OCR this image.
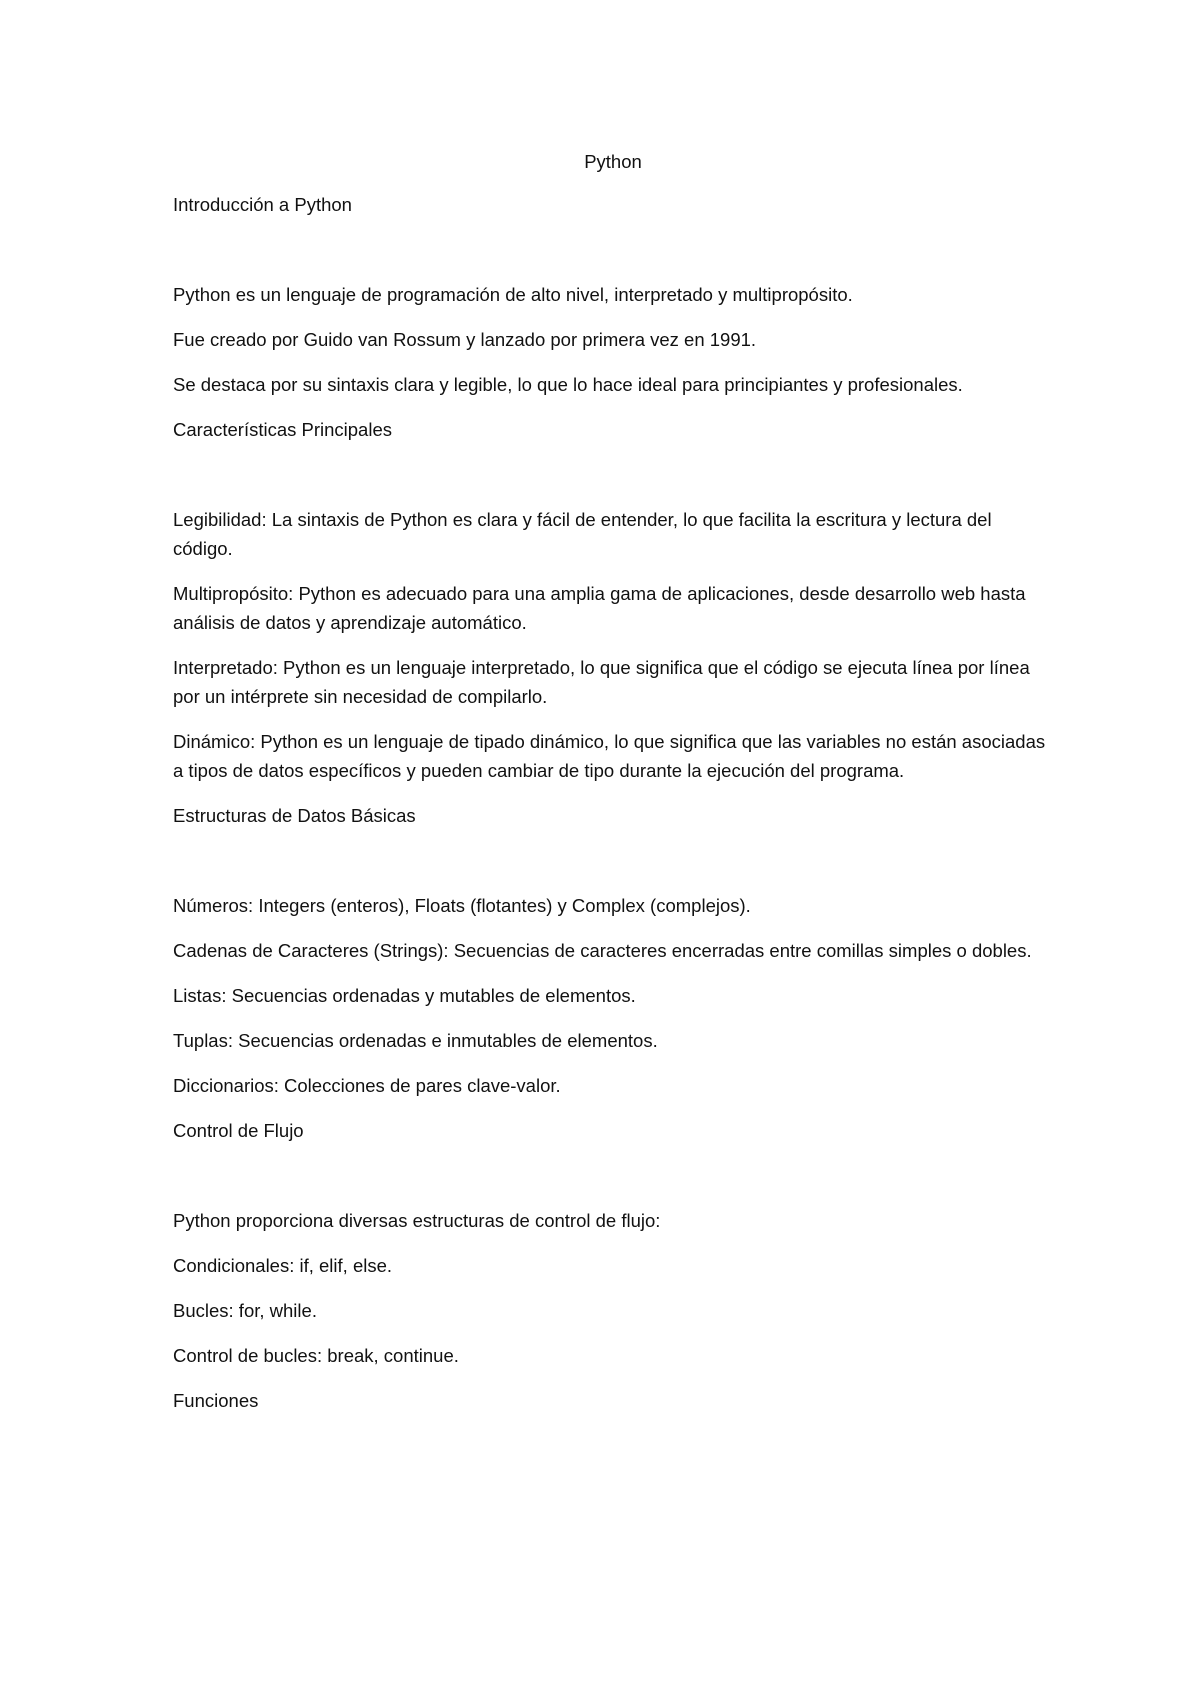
Python
Introducción a Python
Python es un lenguaje de programación de alto nivel, interpretado y multipropósito.
Fue creado por Guido van Rossum y lanzado por primera vez en 1991.
Se destaca por su sintaxis clara y legible, lo que lo hace ideal para principiantes y profesionales.
Características Principales
Legibilidad: La sintaxis de Python es clara y fácil de entender, lo que facilita la escritura y lectura del código.
Multipropósito: Python es adecuado para una amplia gama de aplicaciones, desde desarrollo web hasta análisis de datos y aprendizaje automático.
Interpretado: Python es un lenguaje interpretado, lo que significa que el código se ejecuta línea por línea por un intérprete sin necesidad de compilarlo.
Dinámico: Python es un lenguaje de tipado dinámico, lo que significa que las variables no están asociadas a tipos de datos específicos y pueden cambiar de tipo durante la ejecución del programa.
Estructuras de Datos Básicas
Números: Integers (enteros), Floats (flotantes) y Complex (complejos).
Cadenas de Caracteres (Strings): Secuencias de caracteres encerradas entre comillas simples o dobles.
Listas: Secuencias ordenadas y mutables de elementos.
Tuplas: Secuencias ordenadas e inmutables de elementos.
Diccionarios: Colecciones de pares clave-valor.
Control de Flujo
Python proporciona diversas estructuras de control de flujo:
Condicionales: if, elif, else.
Bucles: for, while.
Control de bucles: break, continue.
Funciones
